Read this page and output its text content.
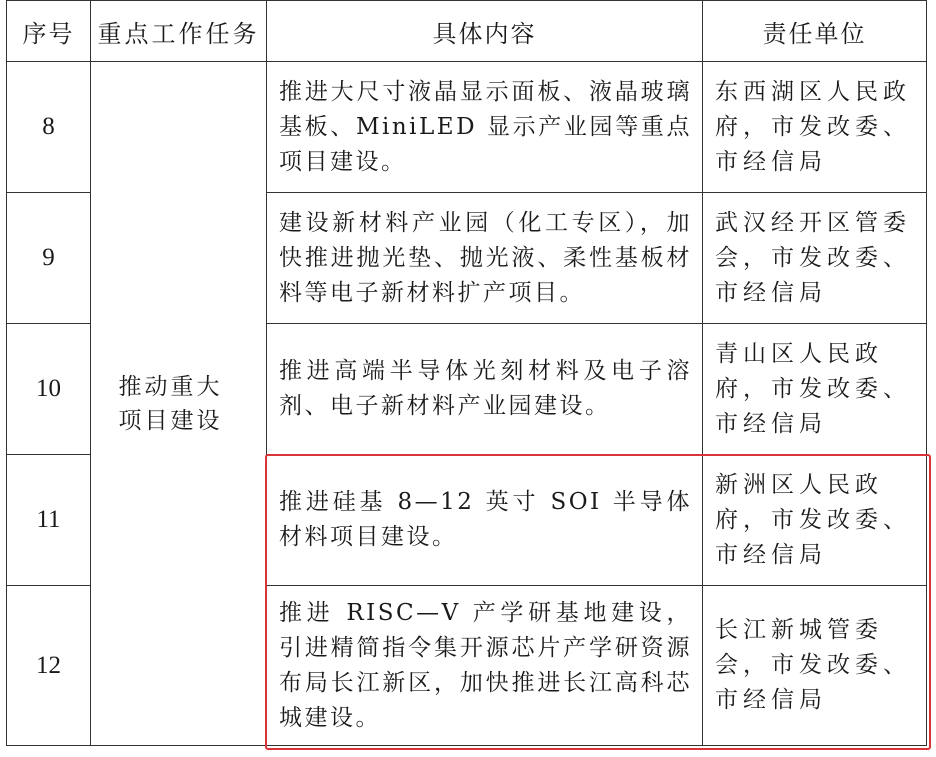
序号	重点工作任务	具体内容	责任单位
8	推动重大项目建设	推进大尺寸液晶显示面板、液晶玻璃基板、MiniLED 显示产业园等重点项目建设。	东西湖区人民政府，市发改委、市经信局
9		建设新材料产业园（化工专区），加快推进抛光垫、抛光液、柔性基板材料等电子新材料扩产项目。	武汉经开区管委会，市发改委、市经信局
10		推进高端半导体光刻材料及电子溶剂、电子新材料产业园建设。	青山区人民政府，市发改委、市经信局
11		推进硅基 8—12 英寸 SOI 半导体材料项目建设。	新洲区人民政府，市发改委、市经信局
12		推进 RISC—V 产学研基地建设，引进精简指令集开源芯片产学研资源布局长江新区，加快推进长江高科芯城建设。	长江新城管委会，市发改委、市经信局
